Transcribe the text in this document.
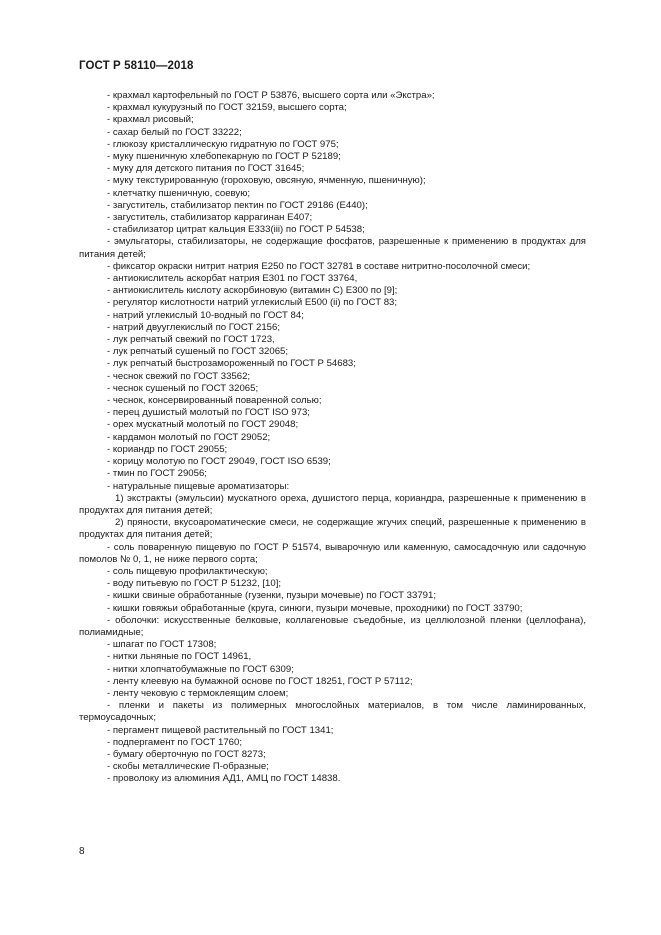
ГОСТ Р 58110—2018

- крахмал картофельный по ГОСТ Р 53876, высшего сорта или «Экстра»;

- крахмал кукурузный по ГОСТ 32159, высшего сорта;

- крахмал рисовый;

- сахар белый по ГОСТ 33222;

- глюкозу кристаллическую гидратную по ГОСТ 975;

- муку пшеничную хлебопекарную по ГОСТ Р 52189;

- муку для детского питания по ГОСТ 31645;

- муку текстурированную (гороховую, овсяную, ячменную, пшеничную);

- клетчатку пшеничную, соевую;

- загуститель, стабилизатор пектин по ГОСТ 29186 (Е440);

- загуститель, стабилизатор каррагинан Е407;

- стабилизатор цитрат кальция Е333(iii) по ГОСТ Р 54538;

- эмульгаторы, стабилизаторы, не содержащие фосфатов, разрешенные к применению в продуктах для питания детей;

- фиксатор окраски нитрит натрия Е250 по ГОСТ 32781 в составе нитритно-посолочной смеси;

- антиокислитель аскорбат натрия Е301 по ГОСТ 33764,

- антиокислитель кислоту аскорбиновую (витамин С) Е300 по [9];

- регулятор кислотности натрий углекислый Е500 (ii) по ГОСТ 83;

- натрий углекислый 10-водный по ГОСТ 84;

- натрий двууглекислый по ГОСТ 2156;

- лук репчатый свежий по ГОСТ 1723,

- лук репчатый сушеный по ГОСТ 32065;

- лук репчатый быстрозамороженный по ГОСТ Р 54683;

- чеснок свежий по ГОСТ 33562;

- чеснок сушеный по ГОСТ 32065;

- чеснок, консервированный поваренной солью;

- перец душистый молотый по ГОСТ ISO 973;

- орех мускатный молотый по ГОСТ 29048;

- кардамон молотый по ГОСТ 29052;

- кориандр по ГОСТ 29055;

- корицу молотую по ГОСТ 29049, ГОСТ ISO 6539;

- тмин по ГОСТ 29056;

- натуральные пищевые ароматизаторы:

1) экстракты (эмульсии) мускатного ореха, душистого перца, кориандра, разрешенные к применению в продуктах для питания детей;

2) пряности, вкусоароматические смеси, не содержащие жгучих специй, разрешенные к применению в продуктах для питания детей;

- соль поваренную пищевую по ГОСТ Р 51574, выварочную или каменную, самосадочную или садочную помолов № 0, 1, не ниже первого сорта;

- соль пищевую профилактическую;

- воду питьевую по ГОСТ Р 51232, [10];

- кишки свиные обработанные (гузенки, пузыри мочевые) по ГОСТ 33791;

- кишки говяжьи обработанные (круга, синюги, пузыри мочевые, проходники) по ГОСТ 33790;

- оболочки: искусственные белковые, коллагеновые съедобные, из целлюлозной пленки (целлофана), полиамидные;

- шпагат по ГОСТ 17308;

- нитки льняные по ГОСТ 14961,

- нитки хлопчатобумажные по ГОСТ 6309;

- ленту клеевую на бумажной основе по ГОСТ 18251, ГОСТ Р 57112;

- ленту чековую с термоклеящим слоем;

- пленки и пакеты из полимерных многослойных материалов, в том числе ламинированных, термоусадочных;

- пергамент пищевой растительный по ГОСТ 1341;

- подпергамент по ГОСТ 1760;

- бумагу оберточную по ГОСТ 8273;

- скобы металлические П-образные;

- проволоку из алюминия АД1, АМЦ по ГОСТ 14838.

8
